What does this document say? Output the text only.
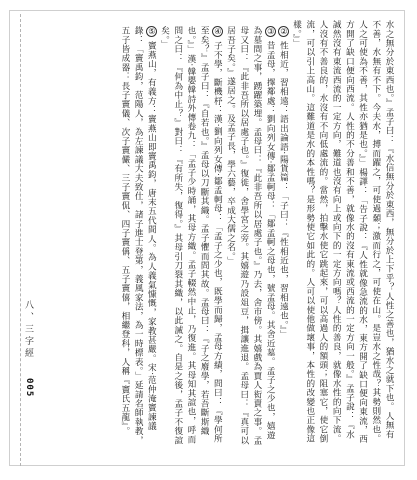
水之無分於東西也。』孟子曰：『水信無分於東西，無分於上下乎？人性之善也，猶水之就下也。人無有不善，水無有不下。今夫水，搏而躍之，可使過顙；激而行之，可使在山。是豈水之性哉？其勢則然也。人之可使為不善，其性亦猶是也。』」楊譯：「告子說：『人性就像急流的水，東方開了缺口便向東流，西方開了缺口便向西流。人性的不分善和不善，就像水的沒有東流或西流的一定方向一般。』孟子說：『水誠然沒有東流西流的一定方向，難道也沒有向上或向下的一定方向嗎？人性的善良，就像水性的向下流。人沒有不善良的，水沒有不向低處流的。當然，拍擊水使它跳起來，可以高過人的額頭；阻塞它，使它倒流，可以引上高山。這難道是水的本性嗎？是形勢使它如此的。人可以使他做壞事，本性的改變也正像這樣。』」
②性相近，習相遠：語出論語·陽貨篇：「子曰：『性相近也，習相遠也。』」
③昔孟母，擇鄰處：劉向列女傳·鄒孟軻母：「鄒孟軻之母也，號孟母。其舍近墓。孟子之少也，嬉遊為墓間之事，踴躍築埋。孟母曰：『此非吾所以居處子也。』乃去，舍市傍。其嬉戲為賈人衒賣之事。孟母又曰：『此非吾所以居處子也。』復徙，舍學宮之旁。其嬉遊乃設俎豆，揖讓進退。孟母曰：『真可以居吾子矣。』遂居之。及孟子長，學六藝，卒成大儒之名。」
④子不學，斷機杼：漢·劉向列女傳·鄒孟軻母：「孟子之少也，既學而歸，孟母方績，問曰：『學何所至矣？』孟子曰：『自若也。』孟母以刀斷其織。孟子懼而問其故。孟母曰：『子之廢學，若吾斷斯織也。』」漢·韓嬰韓詩外傳卷九：「孟子少時誦，其母方織。孟子輟然中止，乃復進。其母知其諠也，呼而問之曰：『何為中止？』對曰：『有所失，復得。』其母引刀裂其織，以此誡之。自是之後，孟子不復諠矣。」
⑤竇燕山，有義方：竇燕山即竇禹鈞，唐末五代間人。為人義氣慷慨，家教甚嚴。宋·范仲淹竇諫議錄：「竇禹鈞，范陽人，為左諫議大夫致仕，諸子進士登第，義風家法，為一時標表。」延請名師執教，五子皆成器：長子竇儀、次子竇儼、三子竇侃、四子竇偁、五子竇僖，相繼登科，人稱『竇氏五龍』。
八、三字經
005
